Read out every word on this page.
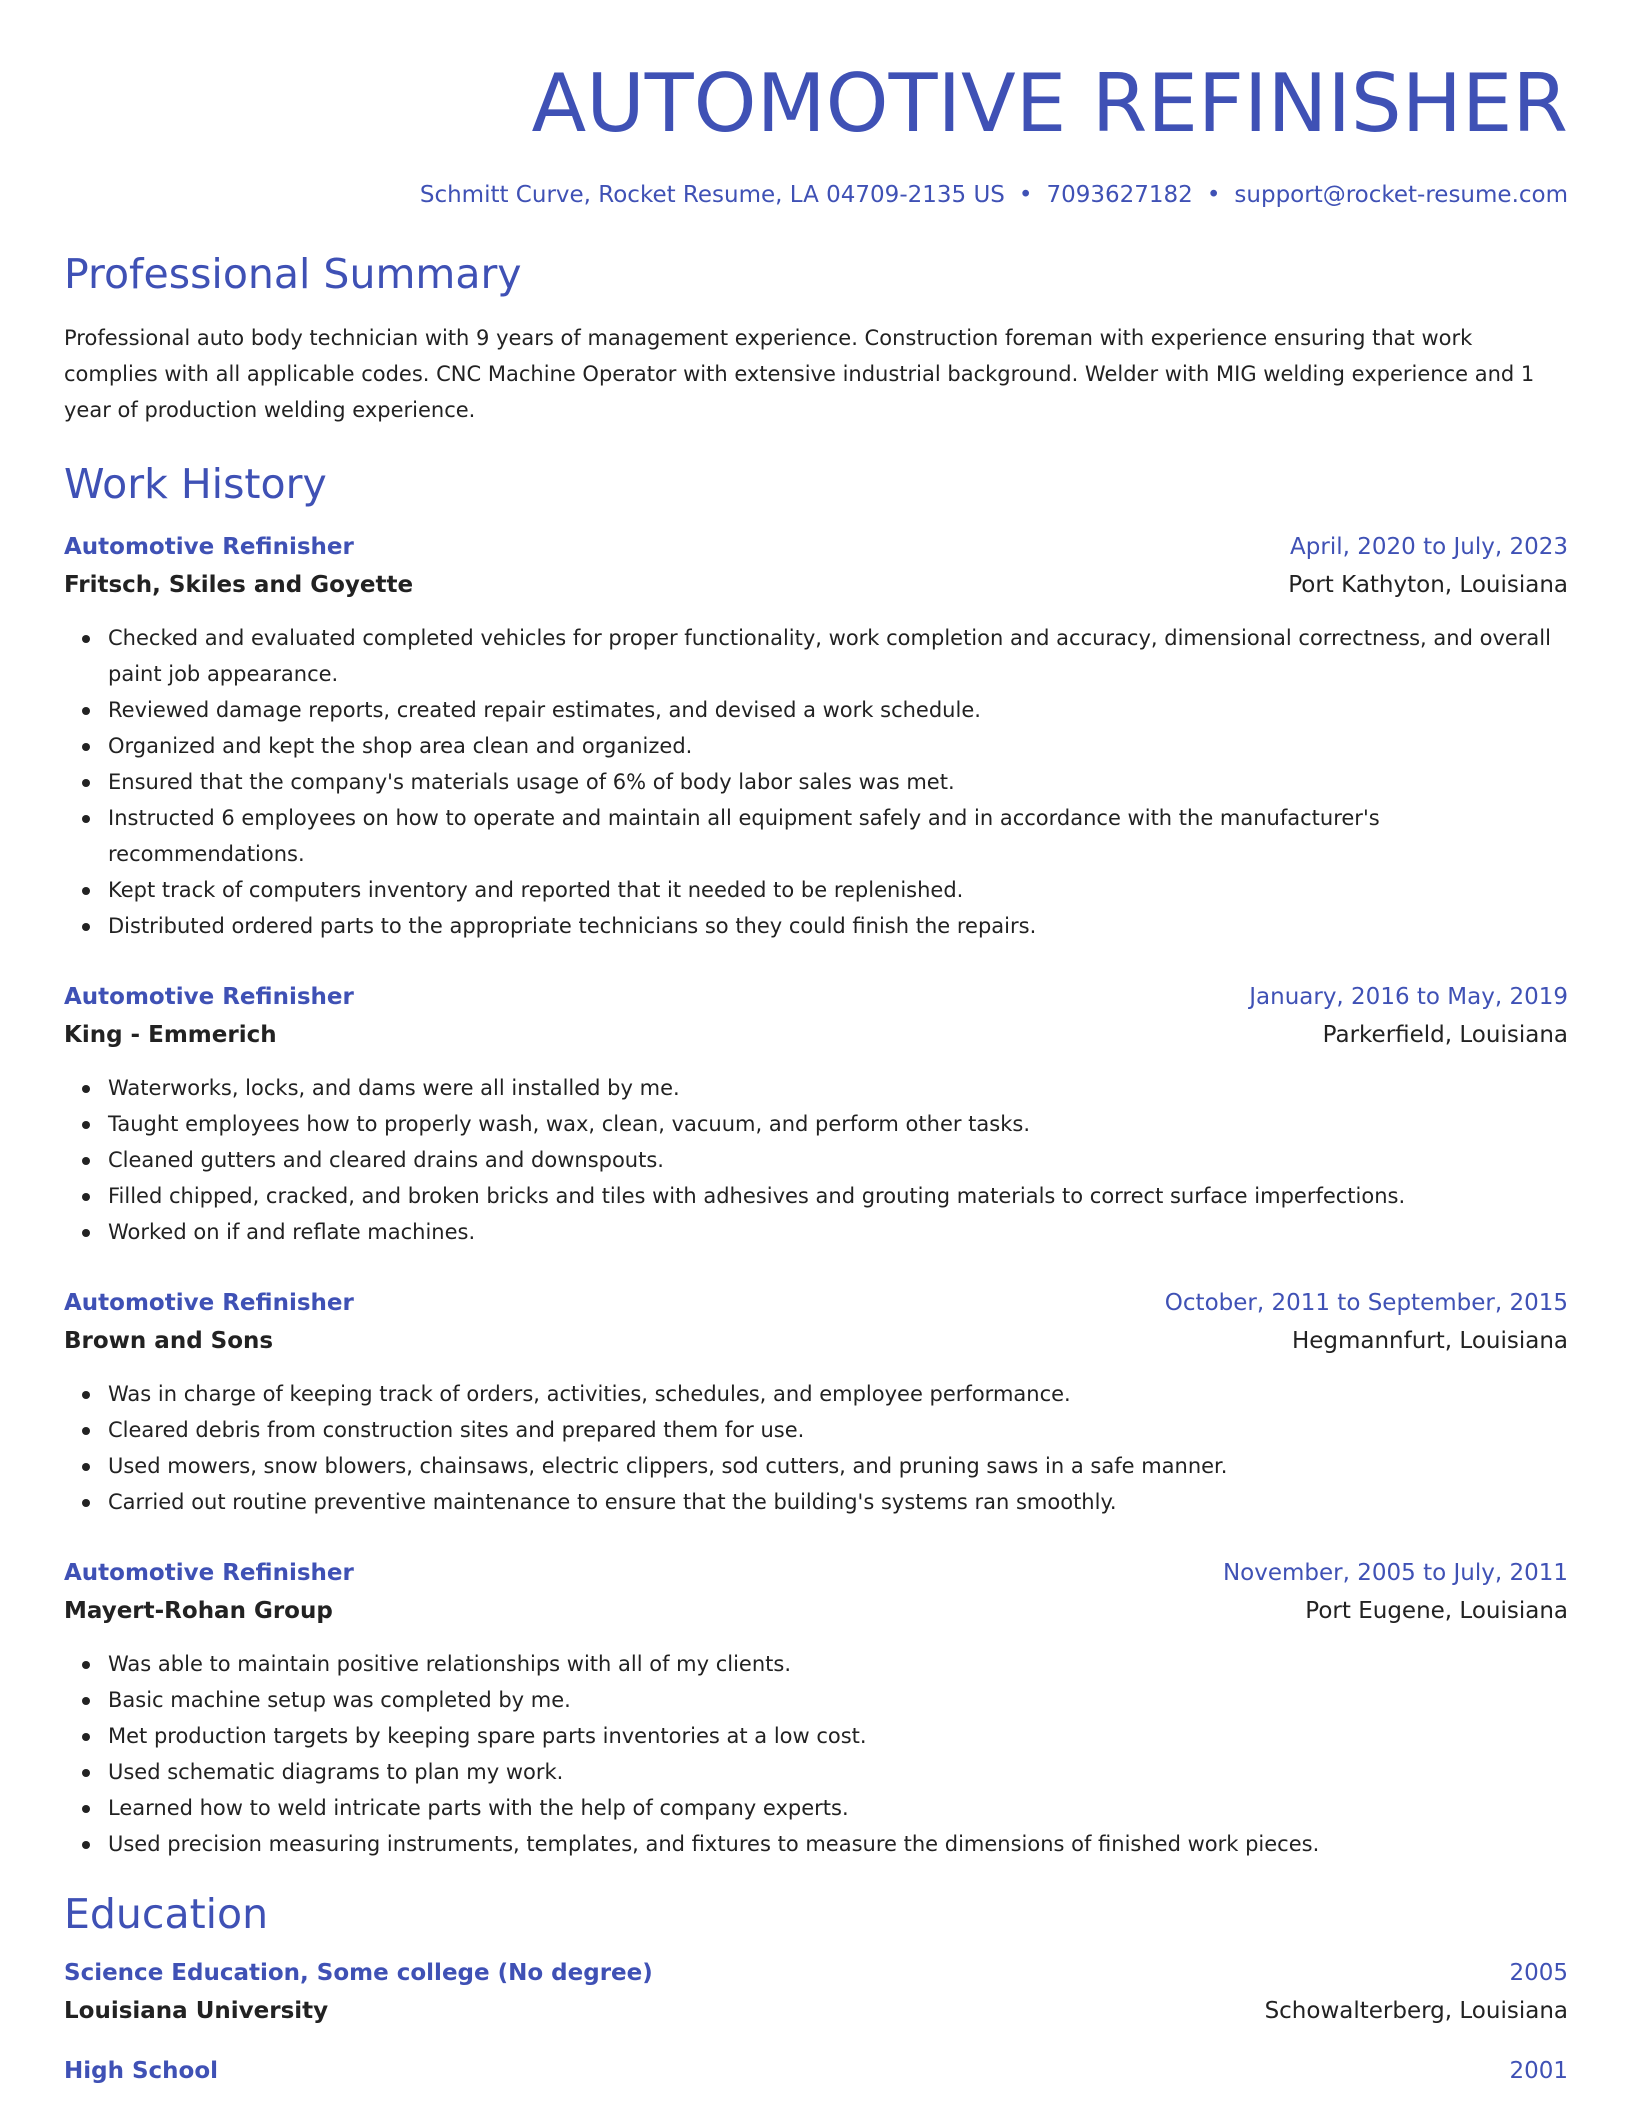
AUTOMOTIVE REFINISHER
Schmitt Curve, Rocket Resume, LA 04709-2135 US • 7093627182 • support@rocket-resume.com
Professional Summary
Professional auto body technician with 9 years of management experience. Construction foreman with experience ensuring that work complies with all applicable codes. CNC Machine Operator with extensive industrial background. Welder with MIG welding experience and 1 year of production welding experience.
Work History
Automotive Refinisher	April, 2020 to July, 2023
Fritsch, Skiles and Goyette	Port Kathyton, Louisiana
Checked and evaluated completed vehicles for proper functionality, work completion and accuracy, dimensional correctness, and overall paint job appearance.
Reviewed damage reports, created repair estimates, and devised a work schedule.
Organized and kept the shop area clean and organized.
Ensured that the company's materials usage of 6% of body labor sales was met.
Instructed 6 employees on how to operate and maintain all equipment safely and in accordance with the manufacturer's recommendations.
Kept track of computers inventory and reported that it needed to be replenished.
Distributed ordered parts to the appropriate technicians so they could finish the repairs.
Automotive Refinisher	January, 2016 to May, 2019
King - Emmerich	Parkerfield, Louisiana
Waterworks, locks, and dams were all installed by me.
Taught employees how to properly wash, wax, clean, vacuum, and perform other tasks.
Cleaned gutters and cleared drains and downspouts.
Filled chipped, cracked, and broken bricks and tiles with adhesives and grouting materials to correct surface imperfections.
Worked on if and reflate machines.
Automotive Refinisher	October, 2011 to September, 2015
Brown and Sons	Hegmannfurt, Louisiana
Was in charge of keeping track of orders, activities, schedules, and employee performance.
Cleared debris from construction sites and prepared them for use.
Used mowers, snow blowers, chainsaws, electric clippers, sod cutters, and pruning saws in a safe manner.
Carried out routine preventive maintenance to ensure that the building's systems ran smoothly.
Automotive Refinisher	November, 2005 to July, 2011
Mayert-Rohan Group	Port Eugene, Louisiana
Was able to maintain positive relationships with all of my clients.
Basic machine setup was completed by me.
Met production targets by keeping spare parts inventories at a low cost.
Used schematic diagrams to plan my work.
Learned how to weld intricate parts with the help of company experts.
Used precision measuring instruments, templates, and fixtures to measure the dimensions of finished work pieces.
Education
Science Education, Some college (No degree)	2005
Louisiana University	Schowalterberg, Louisiana
High School	2001
